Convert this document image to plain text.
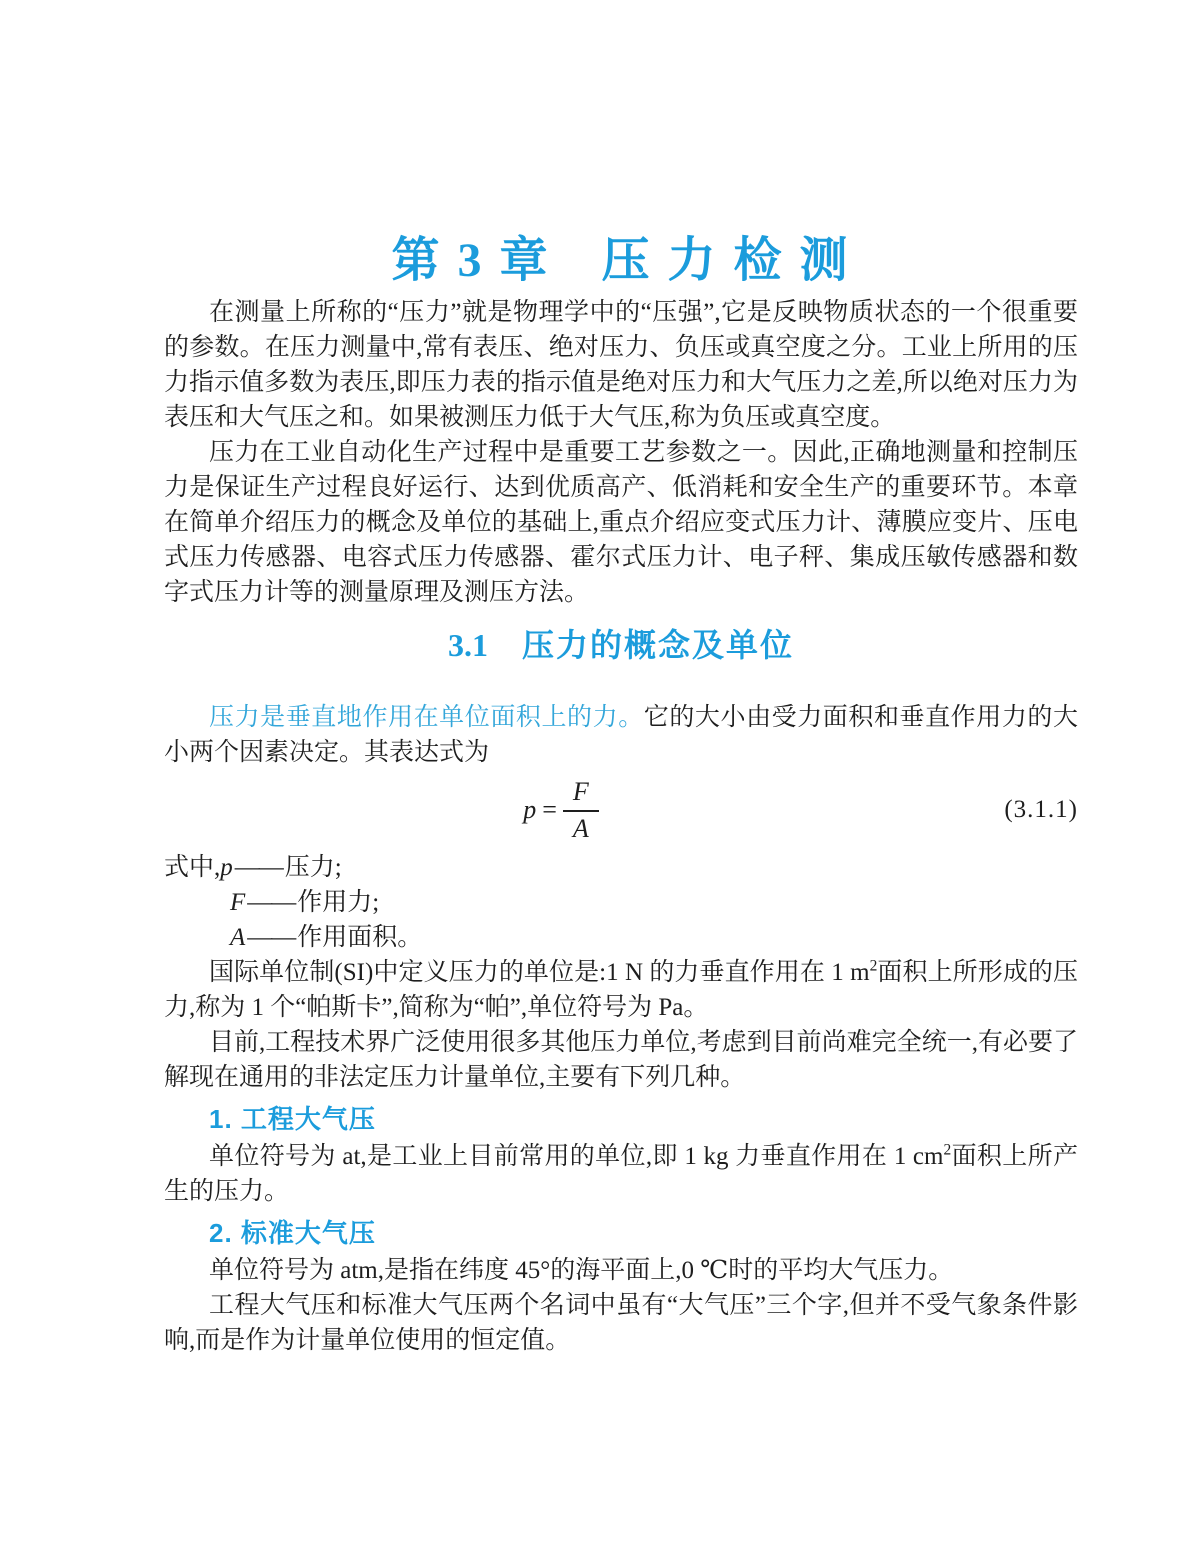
第 3 章　压 力 检 测

在测量上所称的“压力”就是物理学中的“压强”,它是反映物质状态的一个很重要的参数。在压力测量中,常有表压、绝对压力、负压或真空度之分。工业上所用的压力指示值多数为表压,即压力表的指示值是绝对压力和大气压力之差,所以绝对压力为表压和大气压之和。如果被测压力低于大气压,称为负压或真空度。

压力在工业自动化生产过程中是重要工艺参数之一。因此,正确地测量和控制压力是保证生产过程良好运行、达到优质高产、低消耗和安全生产的重要环节。本章在简单介绍压力的概念及单位的基础上,重点介绍应变式压力计、薄膜应变片、压电式压力传感器、电容式压力传感器、霍尔式压力计、电子秤、集成压敏传感器和数字式压力计等的测量原理及测压方法。

3.1 压力的概念及单位

压力是垂直地作用在单位面积上的力。它的大小由受力面积和垂直作用力的大小两个因素决定。其表达式为

$p = \frac{F}{A}$	(3.1.1)
式中,p——压力;
F——作用力;
A——作用面积。

国际单位制(SI)中定义压力的单位是:1 N 的力垂直作用在 1 $m^2$面积上所形成的压力,称为 1 个“帕斯卡”,简称为“帕”,单位符号为 Pa。

目前,工程技术界广泛使用很多其他压力单位,考虑到目前尚难完全统一,有必要了解现在通用的非法定压力计量单位,主要有下列几种。

1. 工程大气压

单位符号为 at,是工业上目前常用的单位,即 1 kg 力垂直作用在 1 $cm^2$面积上所产生的压力。

2. 标准大气压

单位符号为 atm,是指在纬度 45°的海平面上,0 ℃时的平均大气压力。

工程大气压和标准大气压两个名词中虽有“大气压”三个字,但并不受气象条件影响,而是作为计量单位使用的恒定值。
